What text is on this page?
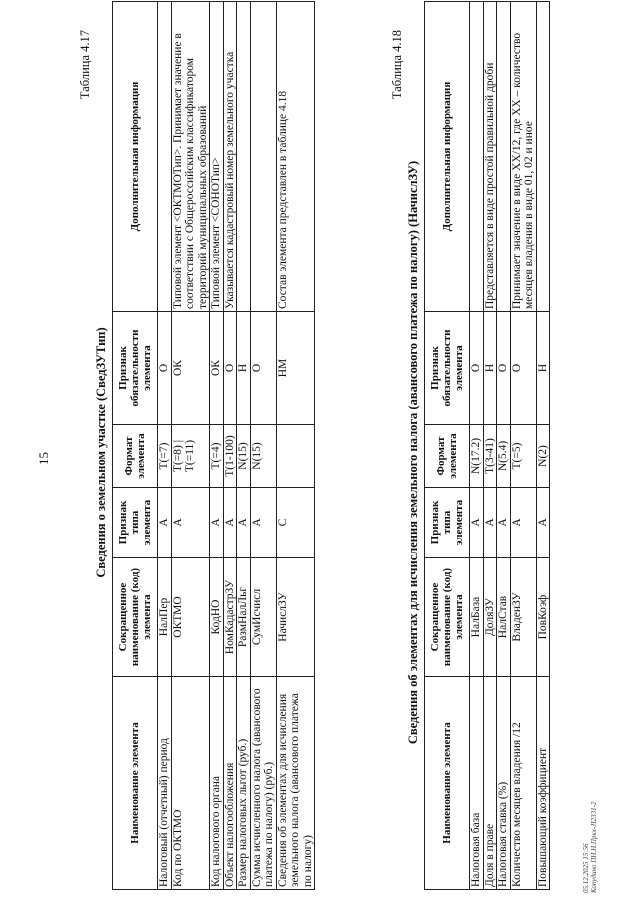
15
Таблица 4.17
Сведения о земельном участке (СведЗУТип)
Наименование элемента	Сокращенное наименование (код) элемента	Признак типа элемента	Формат элемента	Признак обязательности элемента	Дополнительная информация
Налоговый (отчетный) период	НалПер	А	T(=7)	О	
Код по ОКТМО	ОКТМО	А	T(=8) | T(=11)	ОК	Типовой элемент <ОКТМОТип>. Принимает значение в соответствии с Общероссийским классификатором территорий муниципальных образований
Код налогового органа	КодНО	А	T(=4)	ОК	Типовой элемент <СОНОТип>
Объект налогообложения	НомКадастрЗУ	А	T(1-100)	О	Указывается кадастровый номер земельного участка
Размер налоговых льгот (руб.)	РазмНалЛьг	А	N(15)	Н	
Сумма исчисленного налога (авансового платежа по налогу) (руб.)	СумИсчисл	А	N(15)	О	
Сведения об элементах для исчисления земельного налога (авансового платежа по налогу)	НачислЗУ	С		НМ	Состав элемента представлен в таблице 4.18
Таблица 4.18
Сведения об элементах для исчисления земельного налога (авансового платежа по налогу) (НачислЗУ)
Наименование элемента	Сокращенное наименование (код) элемента	Признак типа элемента	Формат элемента	Признак обязательности элемента	Дополнительная информация
Налоговая база	НалБаза	А	N(17.2)	О	
Доля в праве	ДоляЗУ	А	T(3-41)	Н	Представляется в виде простой правильной дроби
Налоговая ставка (%)	НалСтав	А	N(5.4)	О	
Количество месяцев владения /12	ВладенЗУ	А	T(=5)	О	Принимает значение в виде XX/12, где XX – количество месяцев владения в виде 01, 02 и иное
Повышающий коэффициент	ПовКоэф	А	N(2)	Н	
05.12.2025 15:56 Копудино ПН.Н.Пркх-JI2331-2
